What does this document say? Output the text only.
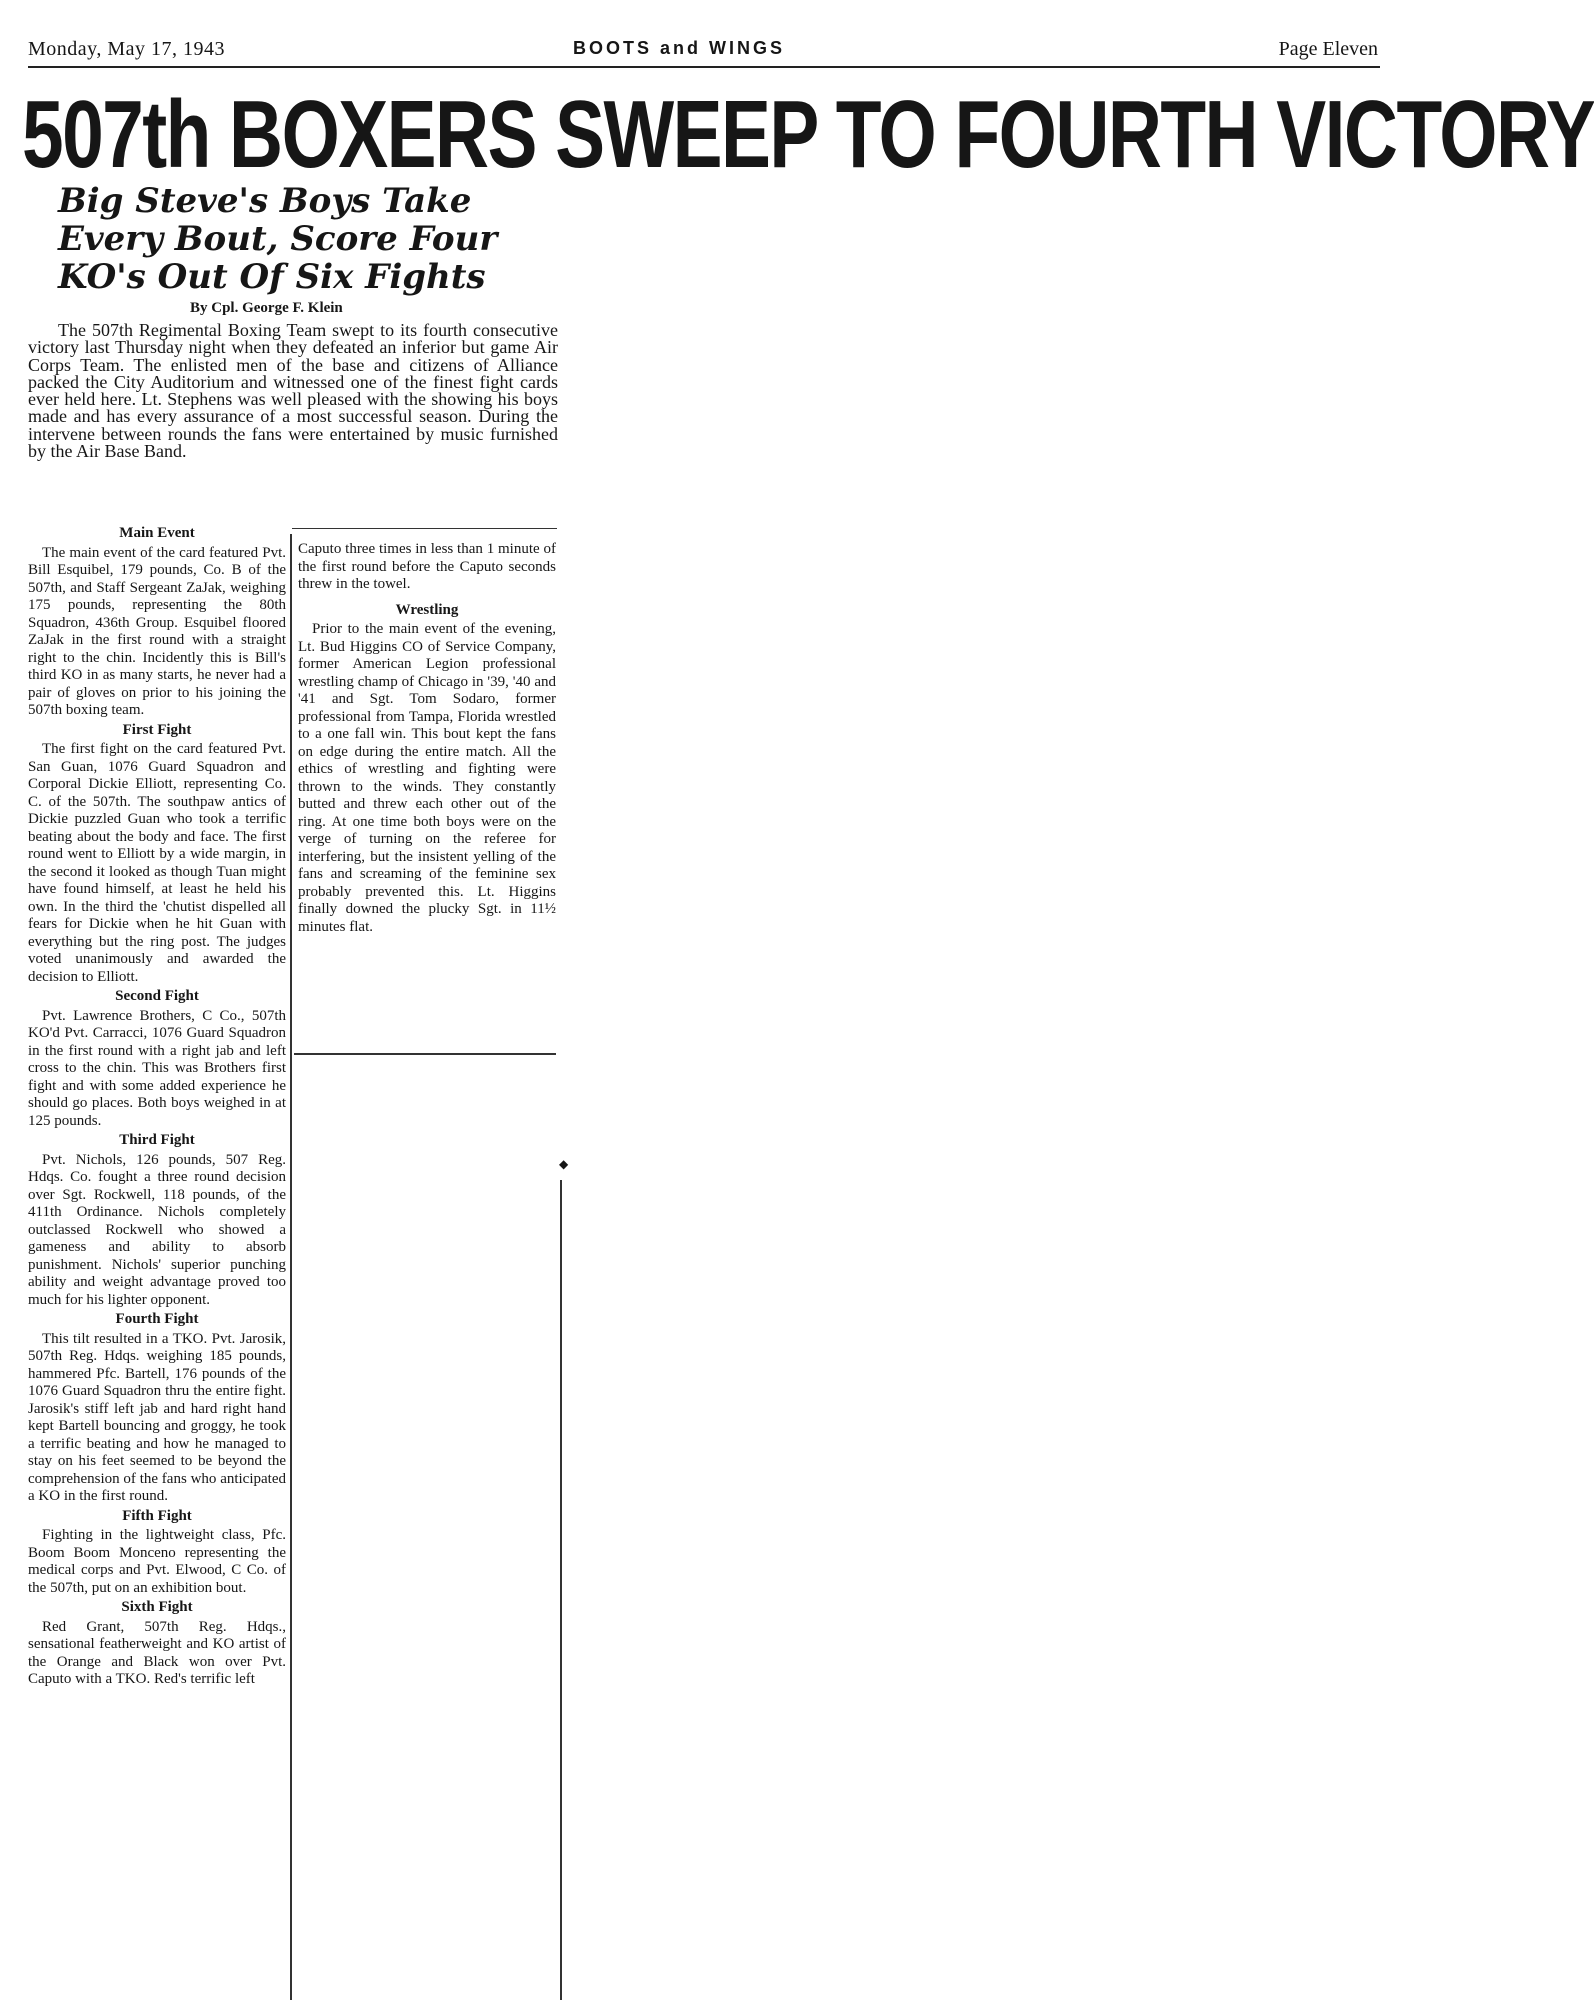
Monday, May 17, 1943	BOOTS and WINGS	Page Eleven
507th BOXERS SWEEP TO FOURTH VICTORY
Big Steve's Boys Take
Every Bout, Score Four
KO's Out Of Six Fights
By Cpl. George F. Klein
The 507th Regimental Boxing Team swept to its fourth consecutive victory last Thursday night when they defeated an inferior but game Air Corps Team. The enlisted men of the base and citizens of Alliance packed the City Auditorium and witnessed one of the finest fight cards ever held here. Lt. Stephens was well pleased with the showing his boys made and has every assurance of a most successful season. During the intervene between rounds the fans were entertained by music furnished by the Air Base Band.
Main Event
The main event of the card featured Pvt. Bill Esquibel, 179 pounds, Co. B of the 507th, and Staff Sergeant ZaJak, weighing 175 pounds, representing the 80th Squadron, 436th Group. Esquibel floored ZaJak in the first round with a straight right to the chin. Incidently this is Bill's third KO in as many starts, he never had a pair of gloves on prior to his joining the 507th boxing team.
First Fight
The first fight on the card featured Pvt. San Guan, 1076 Guard Squadron and Corporal Dickie Elliott, representing Co. C. of the 507th. The southpaw antics of Dickie puzzled Guan who took a terrific beating about the body and face. The first round went to Elliott by a wide margin, in the second it looked as though Tuan might have found himself, at least he held his own. In the third the 'chutist dispelled all fears for Dickie when he hit Guan with everything but the ring post. The judges voted unanimously and awarded the decision to Elliott.
Second Fight
Pvt. Lawrence Brothers, C Co., 507th KO'd Pvt. Carracci, 1076 Guard Squadron in the first round with a right jab and left cross to the chin. This was Brothers first fight and with some added experience he should go places. Both boys weighed in at 125 pounds.
Third Fight
Pvt. Nichols, 126 pounds, 507 Reg. Hdqs. Co. fought a three round decision over Sgt. Rockwell, 118 pounds, of the 411th Ordinance. Nichols completely outclassed Rockwell who showed a gameness and ability to absorb punishment. Nichols' superior punching ability and weight advantage proved too much for his lighter opponent.
Fourth Fight
This tilt resulted in a TKO. Pvt. Jarosik, 507th Reg. Hdqs. weighing 185 pounds, hammered Pfc. Bartell, 176 pounds of the 1076 Guard Squadron thru the entire fight. Jarosik's stiff left jab and hard right hand kept Bartell bouncing and groggy, he took a terrific beating and how he managed to stay on his feet seemed to be beyond the comprehension of the fans who anticipated a KO in the first round.
Fifth Fight
Fighting in the lightweight class, Pfc. Boom Boom Monceno representing the medical corps and Pvt. Elwood, C Co. of the 507th, put on an exhibition bout.
Sixth Fight
Red Grant, 507th Reg. Hdqs., sensational featherweight and KO artist of the Orange and Black won over Pvt. Caputo with a TKO. Red's terrific left
Caputo three times in less than 1 minute of the first round before the Caputo seconds threw in the towel.
Wrestling
Prior to the main event of the evening, Lt. Bud Higgins CO of Service Company, former American Legion professional wrestling champ of Chicago in '39, '40 and '41 and Sgt. Tom Sodaro, former professional from Tampa, Florida wrestled to a one fall win. This bout kept the fans on edge during the entire match. All the ethics of wrestling and fighting were thrown to the winds. They constantly butted and threw each other out of the ring. At one time both boys were on the verge of turning on the referee for interfering, but the insistent yelling of the fans and screaming of the feminine sex probably prevented this. Lt. Higgins finally downed the plucky Sgt. in 11½ minutes flat.
◆
